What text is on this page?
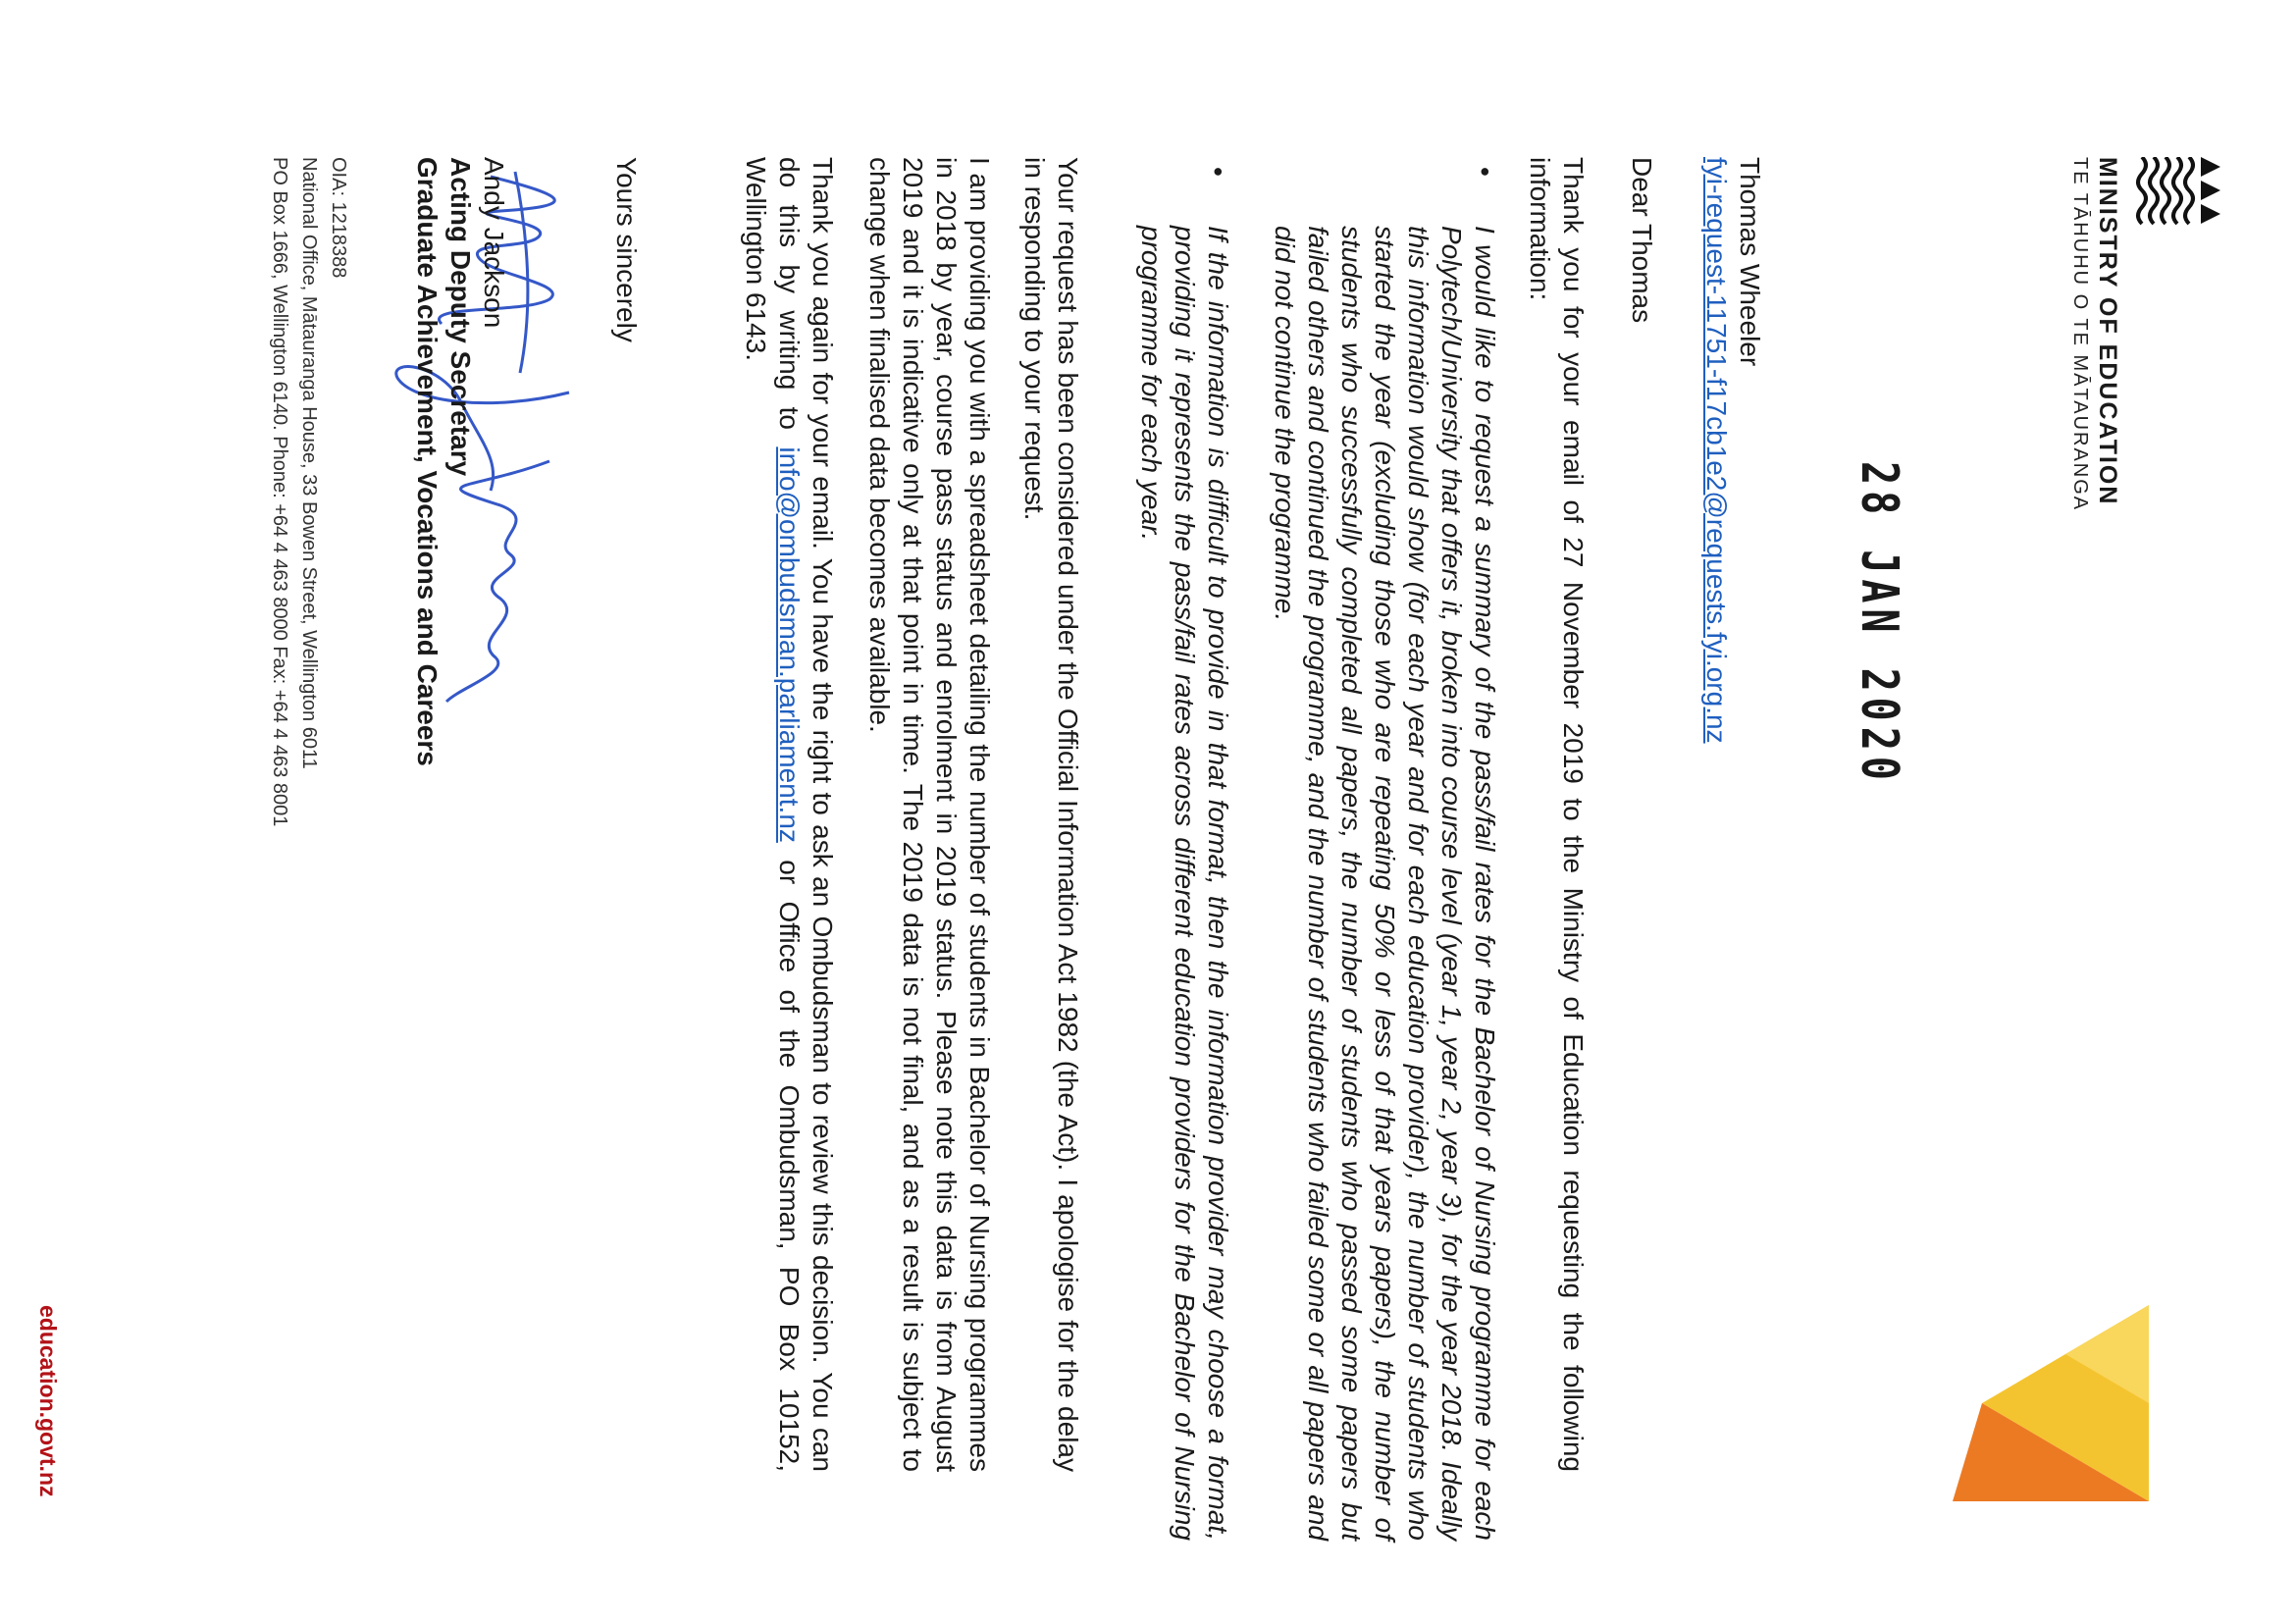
MINISTRY OF EDUCATION
TE TĀHUHU O TE MĀTAURANGA
28 JAN 2020
Thomas Wheeler
fyi-request-11751-f17cb1e2@requests.fyi.org.nz
Dear Thomas
Thank you for your email of 27 November 2019 to the Ministry of Education requesting the following information:
•
I would like to request a summary of the pass/fail rates for the Bachelor of Nursing programme for each Polytech/University that offers it, broken into course level (year 1, year 2, year 3), for the year 2018. Ideally this information would show (for each year and for each education provider), the number of students who started the year (excluding those who are repeating 50% or less of that years papers), the number of students who successfully completed all papers, the number of students who passed some papers but failed others and continued the programme, and the number of students who failed some or all papers and did not continue the programme.
•
If the information is difficult to provide in that format, then the information provider may choose a format, providing it represents the pass/fail rates across different education providers for the Bachelor of Nursing programme for each year.
Your request has been considered under the Official Information Act 1982 (the Act). I apologise for the delay in responding to your request.
I am providing you with a spreadsheet detailing the number of students in Bachelor of Nursing programmes in 2018 by year, course pass status and enrolment in 2019 status. Please note this data is from August 2019 and it is indicative only at that point in time. The 2019 data is not final, and as a result is subject to change when finalised data becomes available.
Thank you again for your email. You have the right to ask an Ombudsman to review this decision. You can do this by writing to info@ombudsman.parliament.nz or Office of the Ombudsman, PO Box 10152, Wellington 6143.
Yours sincerely
Andy Jackson
Acting Deputy Secretary
Graduate Achievement, Vocations and Careers
OIA: 1218388
National Office, Mātauranga House, 33 Bowen Street, Wellington 6011
PO Box 1666, Wellington 6140. Phone: +64 4 463 8000 Fax: +64 4 463 8001
education.govt.nz
